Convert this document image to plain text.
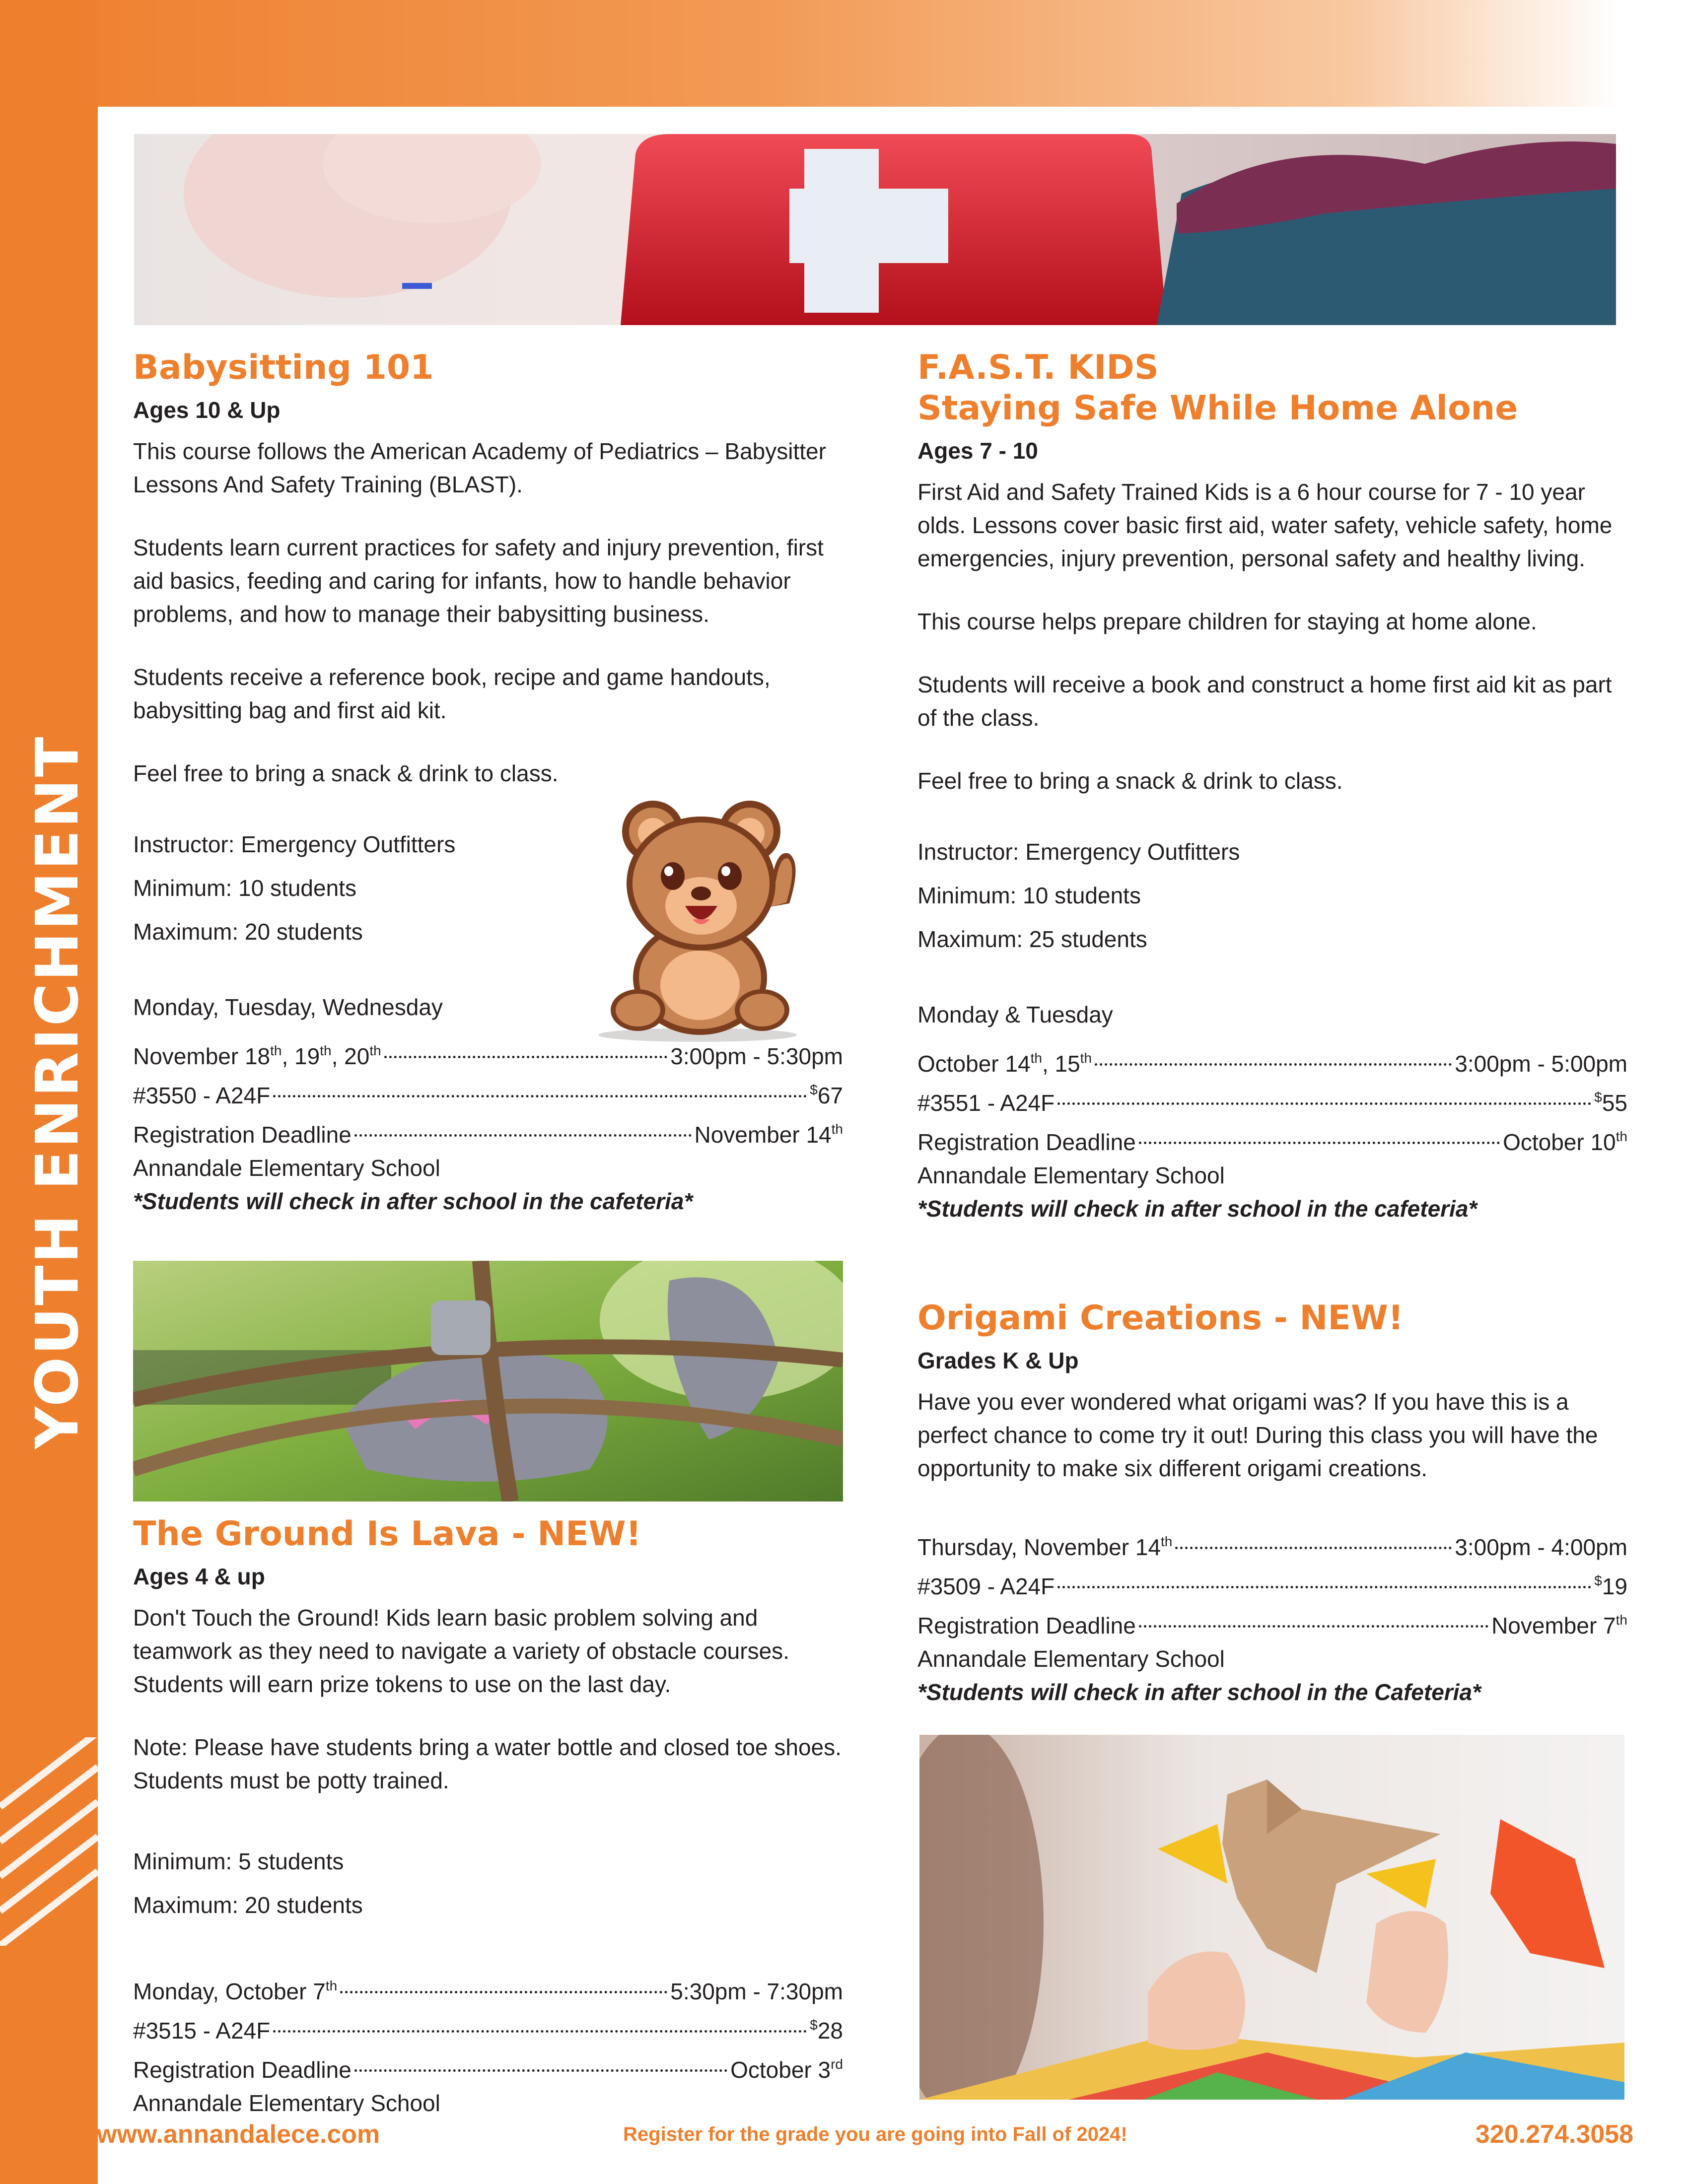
YOUTH ENRICHMENT
Babysitting 101
Ages 10 & Up
This course follows the American Academy of Pediatrics – Babysitter
Lessons And Safety Training (BLAST).
Students learn current practices for safety and injury prevention, first
aid basics, feeding and caring for infants, how to handle behavior
problems, and how to manage their babysitting business.
Students receive a reference book, recipe and game handouts,
babysitting bag and first aid kit.
Feel free to bring a snack & drink to class.
Instructor: Emergency Outfitters
Minimum: 10 students
Maximum: 20 students
Monday, Tuesday, Wednesday
November 18th, 19th, 20th	3:00pm - 5:30pm
#3550 - A24F	$67
Registration Deadline	November 14th
Annandale Elementary School
*Students will check in after school in the cafeteria*
The Ground Is Lava - NEW!
Ages 4 & up
Don't Touch the Ground! Kids learn basic problem solving and
teamwork as they need to navigate a variety of obstacle courses.
Students will earn prize tokens to use on the last day.
Note: Please have students bring a water bottle and closed toe shoes.
Students must be potty trained.
Minimum: 5 students
Maximum: 20 students
Monday, October 7th	5:30pm - 7:30pm
#3515 - A24F	$28
Registration Deadline	October 3rd
Annandale Elementary School
F.A.S.T. KIDS
Staying Safe While Home Alone
Ages 7 - 10
First Aid and Safety Trained Kids is a 6 hour course for 7 - 10 year
olds. Lessons cover basic first aid, water safety, vehicle safety, home
emergencies, injury prevention, personal safety and healthy living.
This course helps prepare children for staying at home alone.
Students will receive a book and construct a home first aid kit as part
of the class.
Feel free to bring a snack & drink to class.
Instructor: Emergency Outfitters
Minimum: 10 students
Maximum: 25 students
Monday & Tuesday
October 14th, 15th	3:00pm - 5:00pm
#3551 - A24F	$55
Registration Deadline	October 10th
Annandale Elementary School
*Students will check in after school in the cafeteria*
Origami Creations - NEW!
Grades K & Up
Have you ever wondered what origami was? If you have this is a
perfect chance to come try it out! During this class you will have the
opportunity to make six different origami creations.
Thursday, November 14th	3:00pm - 4:00pm
#3509 - A24F	$19
Registration Deadline	November 7th
Annandale Elementary School
*Students will check in after school in the Cafeteria*
7 www.annandalece.com	Register for the grade you are going into Fall of 2024!	320.274.3058
